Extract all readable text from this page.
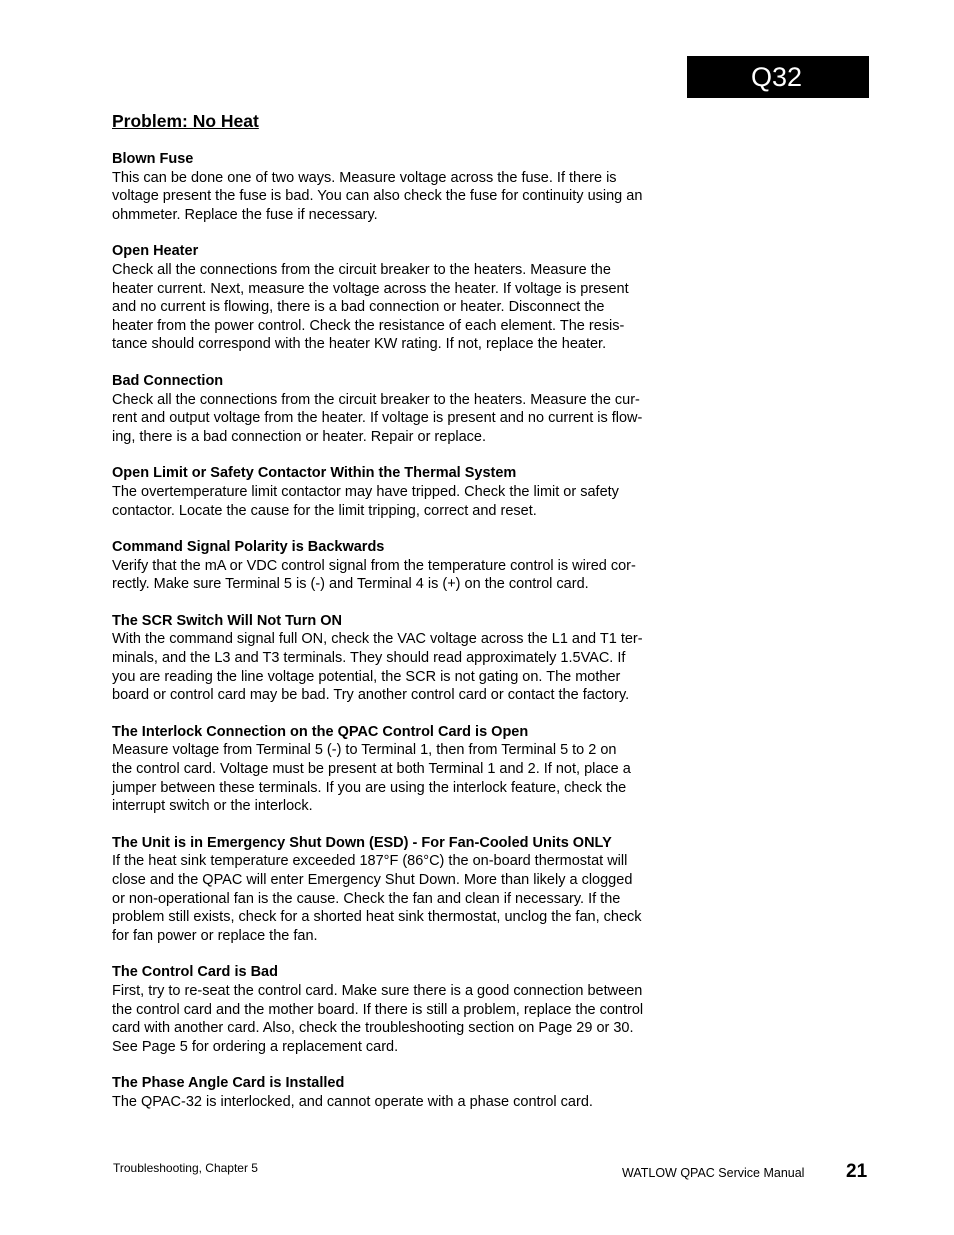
Q32
Problem: No Heat

Blown Fuse

This can be done one of two ways. Measure voltage across the fuse. If there is
voltage present the fuse is bad. You can also check the fuse for continuity using an
ohmmeter. Replace the fuse if necessary.

Open Heater

Check all the connections from the circuit breaker to the heaters. Measure the
heater current. Next, measure the voltage across the heater. If voltage is present
and no current is flowing, there is a bad connection or heater. Disconnect the
heater from the power control. Check the resistance of each element. The resis-
tance should correspond with the heater KW rating. If not, replace the heater.

Bad Connection

Check all the connections from the circuit breaker to the heaters. Measure the cur-
rent and output voltage from the heater. If voltage is present and no current is flow-
ing, there is a bad connection or heater. Repair or replace.

Open Limit or Safety Contactor Within the Thermal System

The overtemperature limit contactor may have tripped. Check the limit or safety
contactor. Locate the cause for the limit tripping, correct and reset.

Command Signal Polarity is Backwards

Verify that the mA or VDC control signal from the temperature control is wired cor-
rectly. Make sure Terminal 5 is (-) and Terminal 4 is (+) on the control card.

The SCR Switch Will Not Turn ON

With the command signal full ON, check the VAC voltage across the L1 and T1 ter-
minals, and the L3 and T3 terminals. They should read approximately 1.5VAC. If
you are reading the line voltage potential, the SCR is not gating on. The mother
board or control card may be bad. Try another control card or contact the factory.

The Interlock Connection on the QPAC Control Card is Open

Measure voltage from Terminal 5 (-) to Terminal 1, then from Terminal 5 to 2 on
the control card. Voltage must be present at both Terminal 1 and 2. If not, place a
jumper between these terminals. If you are using the interlock feature, check the
interrupt switch or the interlock.

The Unit is in Emergency Shut Down (ESD) - For Fan-Cooled Units ONLY

If the heat sink temperature exceeded 187°F (86°C) the on-board thermostat will
close and the QPAC will enter Emergency Shut Down. More than likely a clogged
or non-operational fan is the cause. Check the fan and clean if necessary. If the
problem still exists, check for a shorted heat sink thermostat, unclog the fan, check
for fan power or replace the fan.

The Control Card is Bad

First, try to re-seat the control card. Make sure there is a good connection between
the control card and the mother board. If there is still a problem, replace the control
card with another card. Also, check the troubleshooting section on Page 29 or 30.
See Page 5 for ordering a replacement card.

The Phase Angle Card is Installed

The QPAC-32 is interlocked, and cannot operate with a phase control card.

Troubleshooting, Chapter 5	WATLOW QPAC Service Manual 21
